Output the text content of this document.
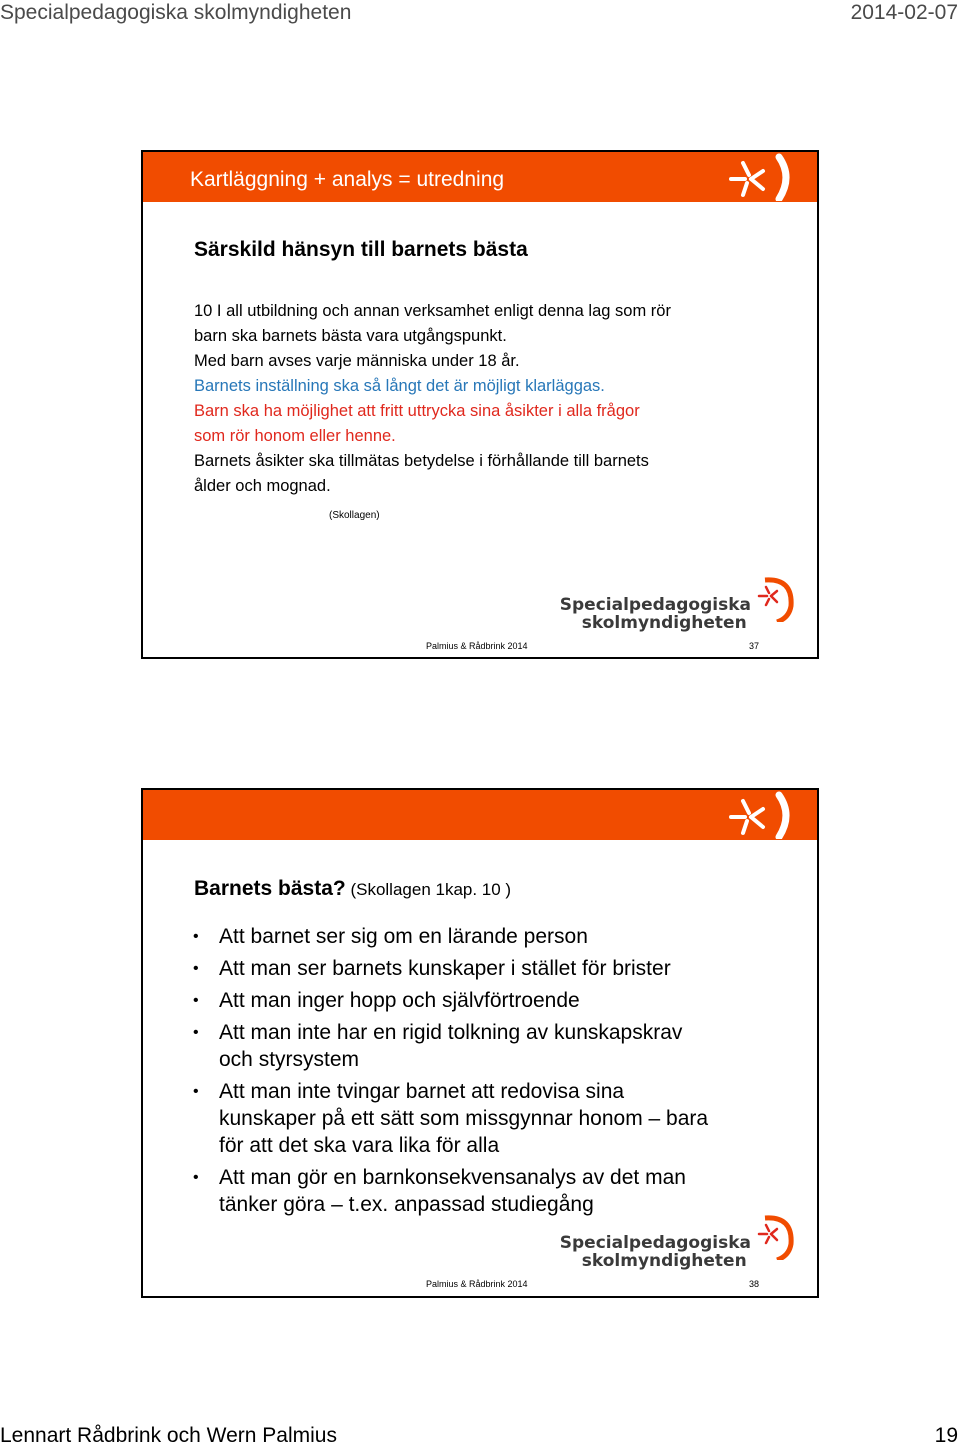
Specialpedagogiska skolmyndigheten	2014-02-07
Kartläggning + analys = utredning
Särskild hänsyn till barnets bästa
10 I all utbildning och annan verksamhet enligt denna lag som rör
barn ska barnets bästa vara utgångspunkt.
Med barn avses varje människa under 18 år.
Barnets inställning ska så långt det är möjligt klarläggas.
Barn ska ha möjlighet att fritt uttrycka sina åsikter i alla frågor
som rör honom eller henne.
Barnets åsikter ska tillmätas betydelse i förhållande till barnets
ålder och mognad.
(Skollagen)
Specialpedagogiska
skolmyndigheten
Palmius & Rådbrink 2014	37
Barnets bästa? (Skollagen 1kap. 10 )
• Att barnet ser sig om en lärande person
• Att man ser barnets kunskaper i stället för brister
• Att man inger hopp och självförtroende
• Att man inte har en rigid tolkning av kunskapskrav
och styrsystem
• Att man inte tvingar barnet att redovisa sina
kunskaper på ett sätt som missgynnar honom – bara
för att det ska vara lika för alla
• Att man gör en barnkonsekvensanalys av det man
tänker göra – t.ex. anpassad studiegång
Specialpedagogiska
skolmyndigheten
Palmius & Rådbrink 2014	38
Lennart Rådbrink och Wern Palmius	19
